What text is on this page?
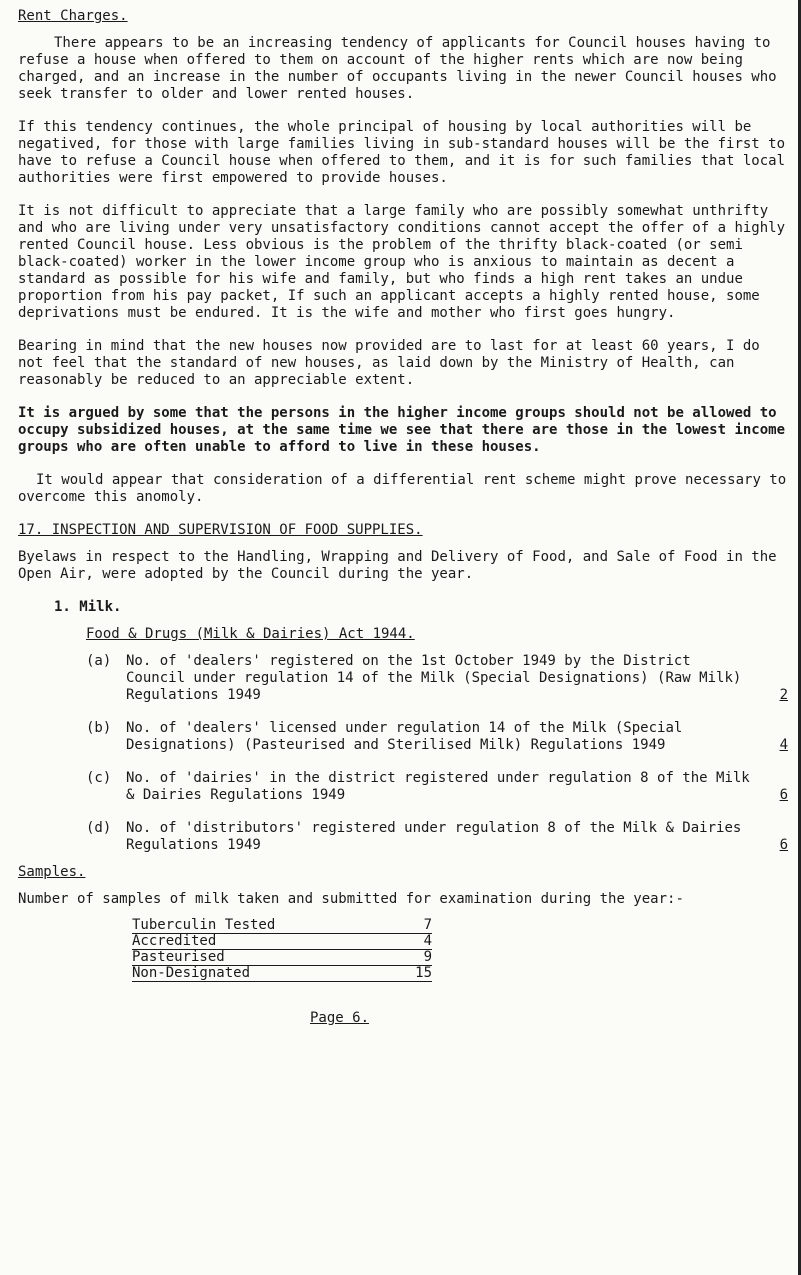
Rent Charges.

There appears to be an increasing tendency of applicants for Council houses having to refuse a house when offered to them on account of the higher rents which are now being charged, and an increase in the number of occupants living in the newer Council houses who seek transfer to older and lower rented houses.

If this tendency continues, the whole principal of housing by local authorities will be negatived, for those with large families living in sub-standard houses will be the first to have to refuse a Council house when offered to them, and it is for such families that local authorities were first empowered to provide houses.

It is not difficult to appreciate that a large family who are possibly somewhat unthrifty and who are living under very unsatisfactory conditions cannot accept the offer of a highly rented Council house. Less obvious is the problem of the thrifty black-coated (or semi black-coated) worker in the lower income group who is anxious to maintain as decent a standard as possible for his wife and family, but who finds a high rent takes an undue proportion from his pay packet, If such an applicant accepts a highly rented house, some deprivations must be endured. It is the wife and mother who first goes hungry.

Bearing in mind that the new houses now provided are to last for at least 60 years, I do not feel that the standard of new houses, as laid down by the Ministry of Health, can reasonably be reduced to an appreciable extent.

It is argued by some that the persons in the higher income groups should not be allowed to occupy subsidized houses, at the same time we see that there are those in the lowest income groups who are often unable to afford to live in these houses.

It would appear that consideration of a differential rent scheme might prove necessary to overcome this anomoly.

17. INSPECTION AND SUPERVISION OF FOOD SUPPLIES.

Byelaws in respect to the Handling, Wrapping and Delivery of Food, and Sale of Food in the Open Air, were adopted by the Council during the year.

1. Milk.

Food & Drugs (Milk & Dairies) Act 1944.

(a)	No. of 'dealers' registered on the 1st October 1949 by the District Council under regulation 14 of the Milk (Special Designations) (Raw Milk) Regulations 1949	2
(b)	No. of 'dealers' licensed under regulation 14 of the Milk (Special Designations) (Pasteurised and Sterilised Milk) Regulations 1949	4
(c)	No. of 'dairies' in the district registered under regulation 8 of the Milk & Dairies Regulations 1949	6
(d)	No. of 'distributors' registered under regulation 8 of the Milk & Dairies Regulations 1949	6

Samples.

Number of samples of milk taken and submitted for examination during the year:-

Tuberculin Tested	7
Accredited	4
Pasteurised	9
Non-Designated	15
Page 6.
